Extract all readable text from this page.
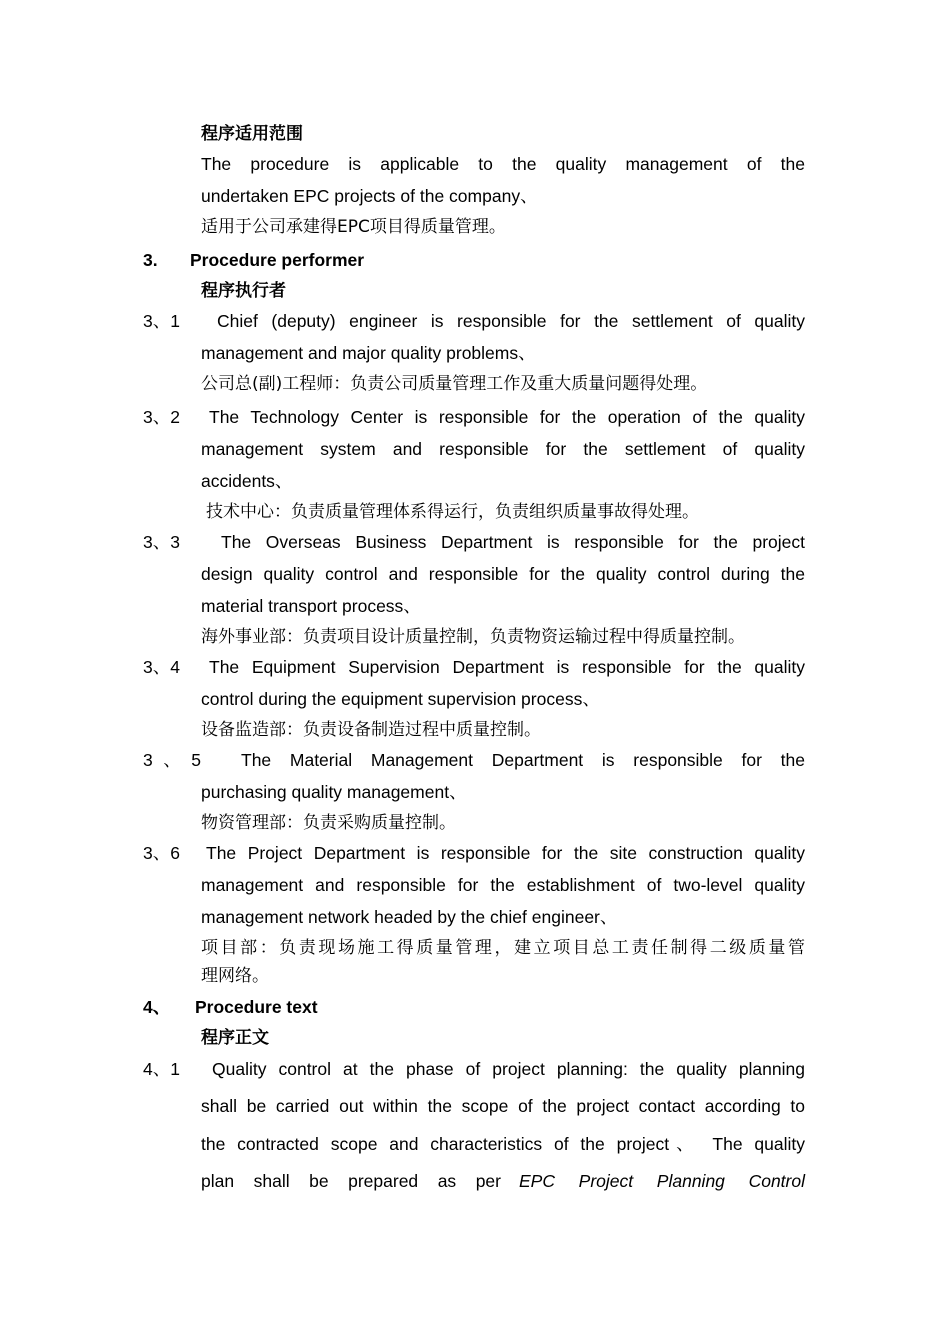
程序适用范围
The procedure is applicable to the quality management of the
undertaken EPC projects of the company、
适用于公司承建得EPC项目得质量管理。
3. Procedure performer
程序执行者
3、1 Chief (deputy) engineer is responsible for the settlement of quality
management and major quality problems、
公司总(副)工程师：负责公司质量管理工作及重大质量问题得处理。
3、2 The Technology Center is responsible for the operation of the quality
management system and responsible for the settlement of quality
accidents、
技术中心：负责质量管理体系得运行，负责组织质量事故得处理。
3、3 The Overseas Business Department is responsible for the project
design quality control and responsible for the quality control during the
material transport process、
海外事业部：负责项目设计质量控制，负责物资运输过程中得质量控制。
3、4 The Equipment Supervision Department is responsible for the quality
control during the equipment supervision process、
设备监造部：负责设备制造过程中质量控制。
3、5 The Material Management Department is responsible for the
purchasing quality management、
物资管理部：负责采购质量控制。
3、6 The Project Department is responsible for the site construction quality
management and responsible for the establishment of two-level quality
management network headed by the chief engineer、
项目部：负责现场施工得质量管理，建立项目总工责任制得二级质量管
理网络。
4、 Procedure text
程序正文
4、1 Quality control at the phase of project planning: the quality planning
shall be carried out within the scope of the project contact according to
the contracted scope and characteristics of the project、 The quality
plan shall be prepared as per EPC Project Planning Control
